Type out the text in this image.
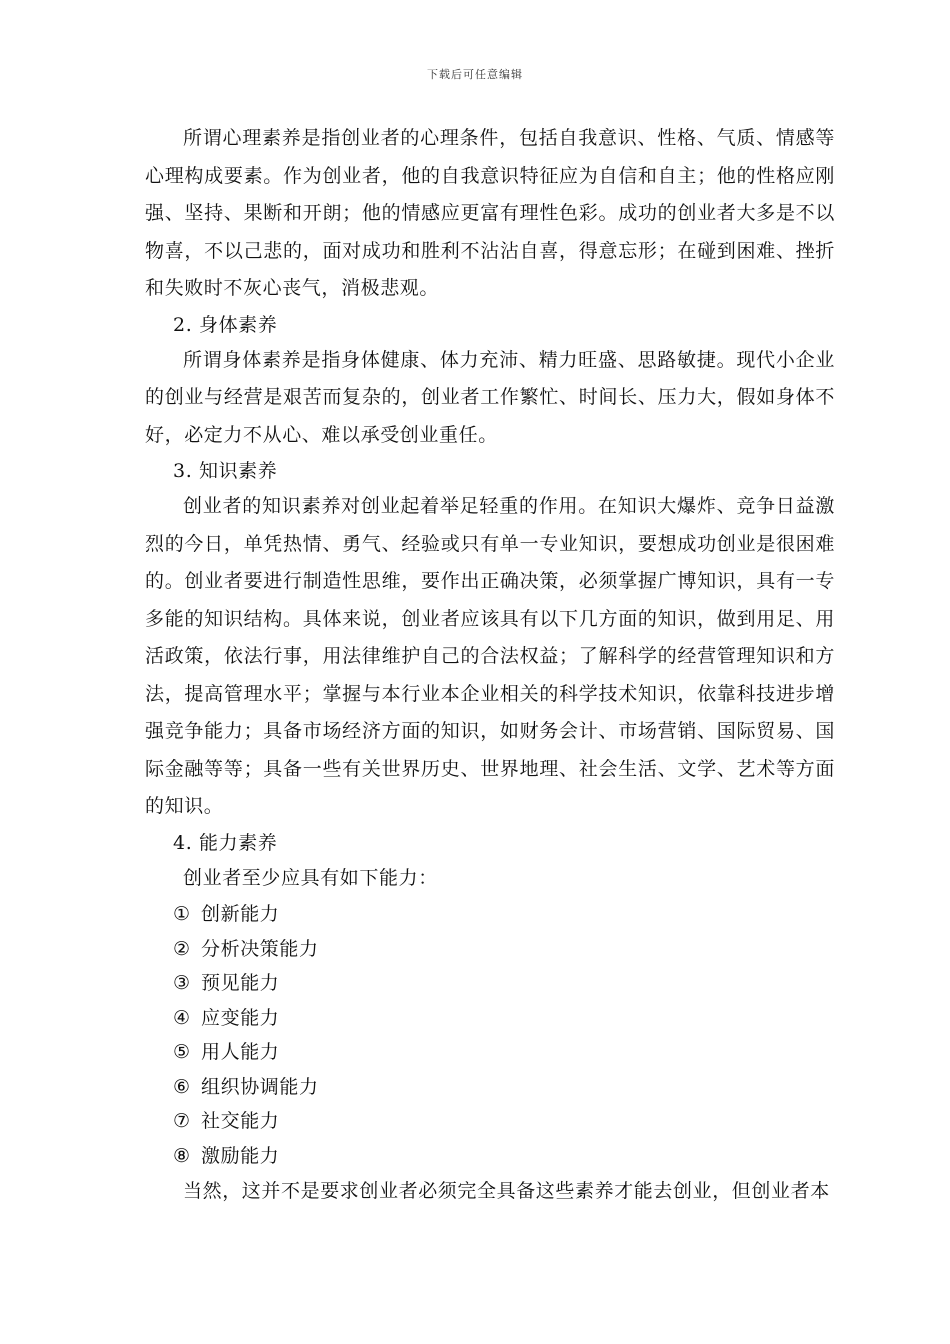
下载后可任意编辑

所谓心理素养是指创业者的心理条件，包括自我意识、性格、气质、情感等心理构成要素。作为创业者，他的自我意识特征应为自信和自主；他的性格应刚强、坚持、果断和开朗；他的情感应更富有理性色彩。成功的创业者大多是不以物喜，不以己悲的，面对成功和胜利不沾沾自喜，得意忘形；在碰到困难、挫折和失败时不灰心丧气，消极悲观。

2. 身体素养

所谓身体素养是指身体健康、体力充沛、精力旺盛、思路敏捷。现代小企业的创业与经营是艰苦而复杂的，创业者工作繁忙、时间长、压力大，假如身体不好，必定力不从心、难以承受创业重任。

3. 知识素养

创业者的知识素养对创业起着举足轻重的作用。在知识大爆炸、竞争日益激烈的今日，单凭热情、勇气、经验或只有单一专业知识，要想成功创业是很困难的。创业者要进行制造性思维，要作出正确决策，必须掌握广博知识，具有一专多能的知识结构。具体来说，创业者应该具有以下几方面的知识，做到用足、用活政策，依法行事，用法律维护自己的合法权益；了解科学的经营管理知识和方法，提高管理水平；掌握与本行业本企业相关的科学技术知识，依靠科技进步增强竞争能力；具备市场经济方面的知识，如财务会计、市场营销、国际贸易、国际金融等等；具备一些有关世界历史、世界地理、社会生活、文学、艺术等方面的知识。

4. 能力素养

创业者至少应具有如下能力：

① 创新能力

② 分析决策能力

③ 预见能力

④ 应变能力

⑤ 用人能力

⑥ 组织协调能力

⑦ 社交能力

⑧ 激励能力

当然，这并不是要求创业者必须完全具备这些素养才能去创业，但创业者本
